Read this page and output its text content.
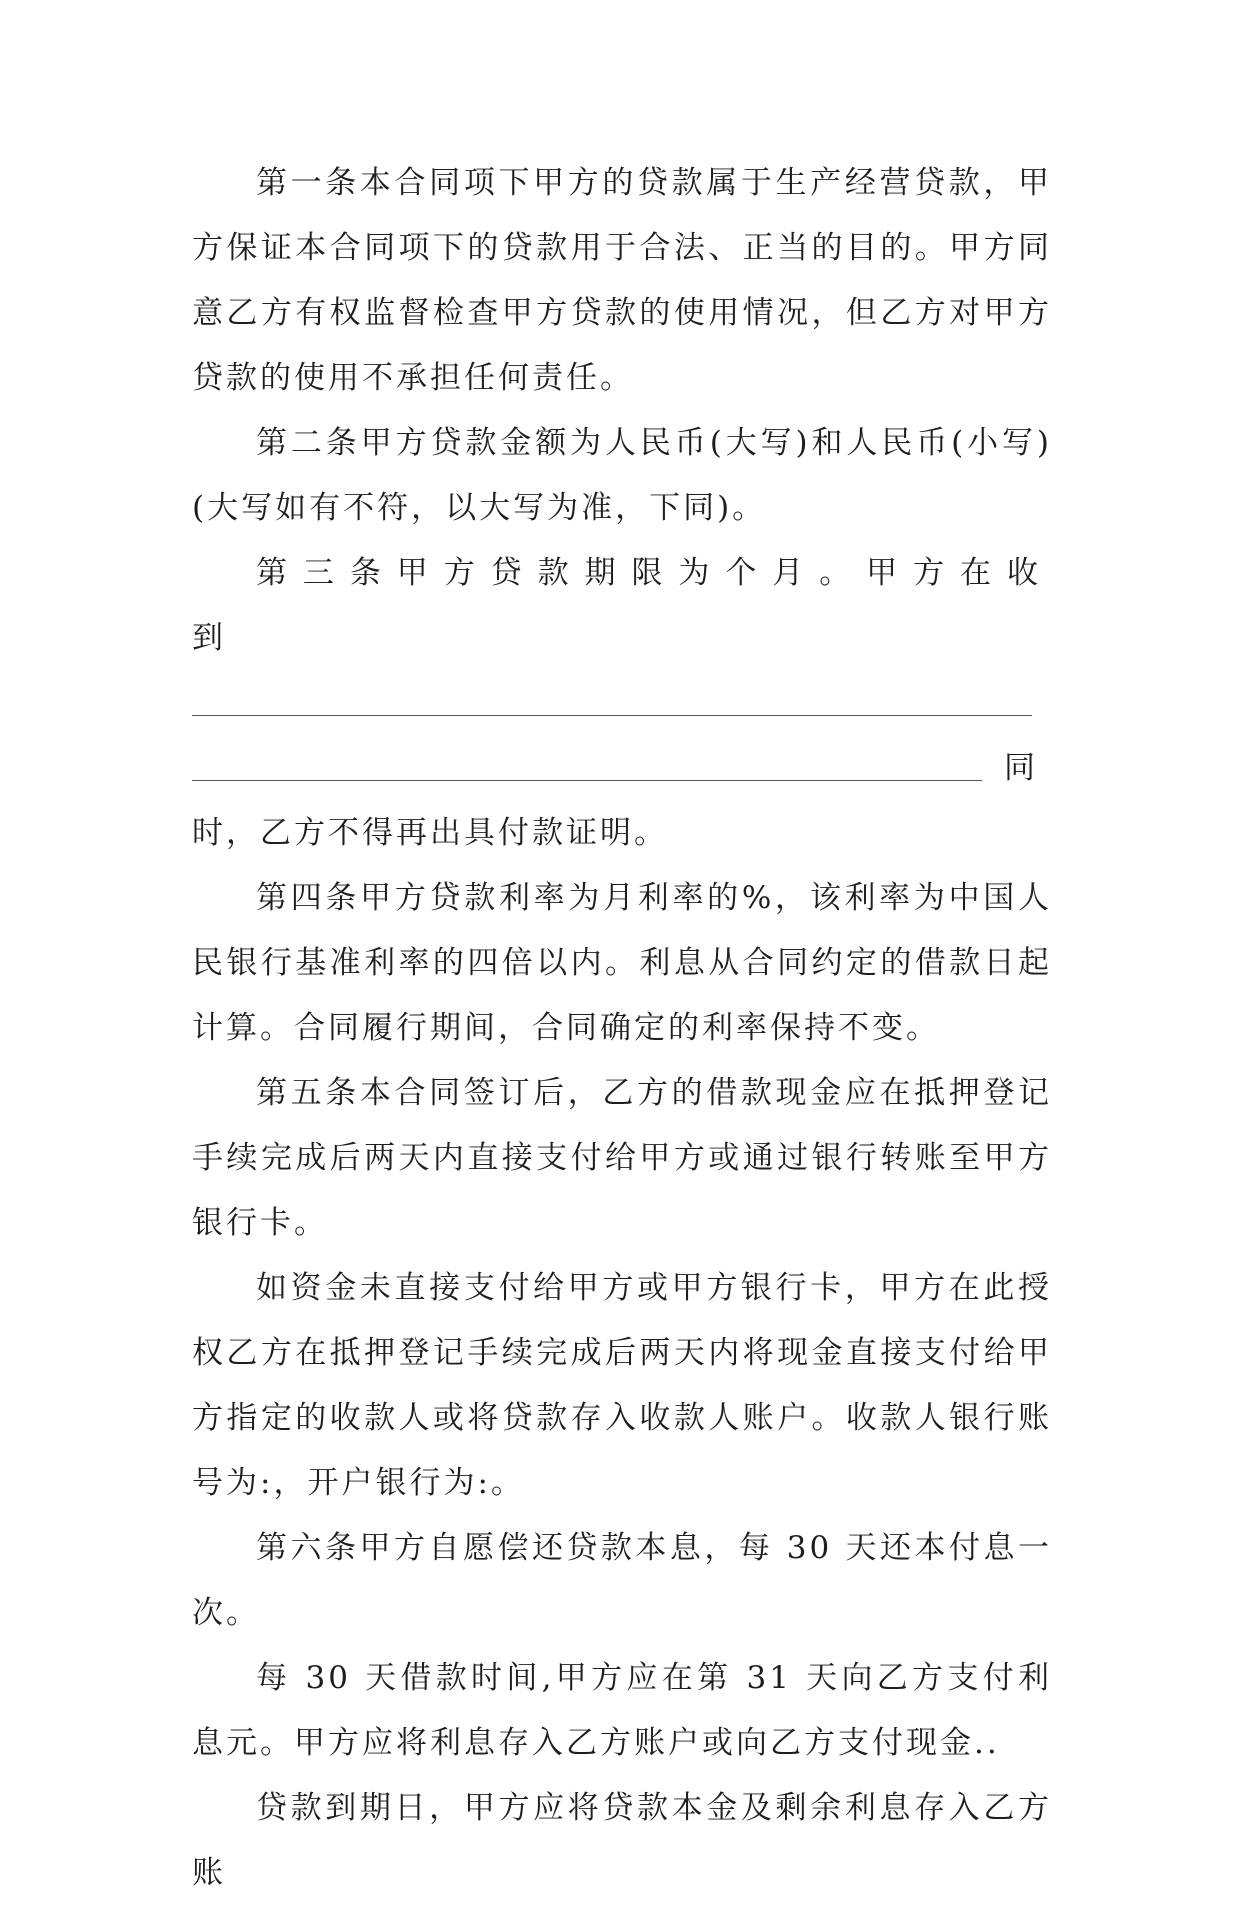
第一条本合同项下甲方的贷款属于生产经营贷款，甲方保证本合同项下的贷款用于合法、正当的目的。甲方同意乙方有权监督检查甲方贷款的使用情况，但乙方对甲方贷款的使用不承担任何责任。

第二条甲方贷款金额为人民币(大写)和人民币(小写)(大写如有不符，以大写为准，下同)。

第三条甲方贷款期限为个月。甲方在收到

同

时，乙方不得再出具付款证明。

第四条甲方贷款利率为月利率的%，该利率为中国人民银行基准利率的四倍以内。利息从合同约定的借款日起计算。合同履行期间，合同确定的利率保持不变。

第五条本合同签订后，乙方的借款现金应在抵押登记手续完成后两天内直接支付给甲方或通过银行转账至甲方银行卡。

如资金未直接支付给甲方或甲方银行卡，甲方在此授权乙方在抵押登记手续完成后两天内将现金直接支付给甲方指定的收款人或将贷款存入收款人账户。收款人银行账号为:，开户银行为:。

第六条甲方自愿偿还贷款本息，每 30 天还本付息一次。

每 30 天借款时间,甲方应在第 31 天向乙方支付利息元。甲方应将利息存入乙方账户或向乙方支付现金..

贷款到期日，甲方应将贷款本金及剩余利息存入乙方账
